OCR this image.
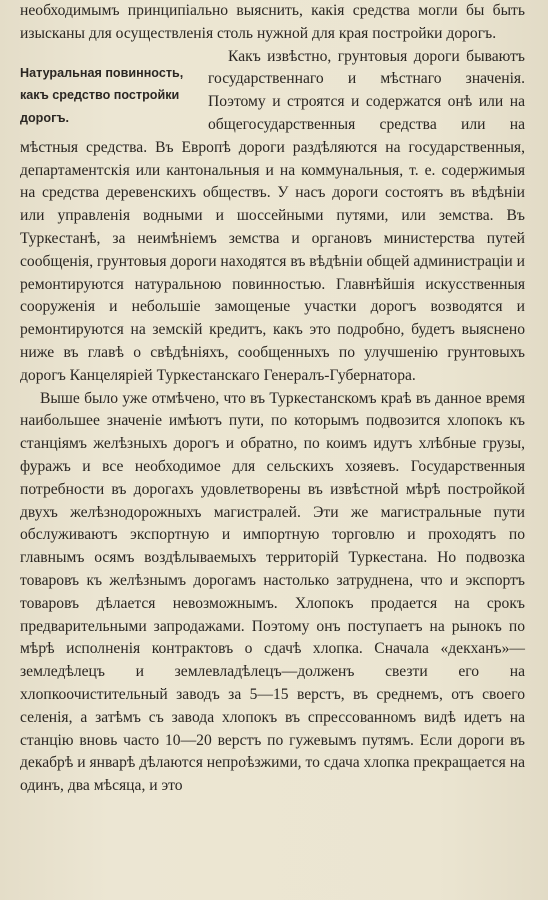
необходимымъ принципіально выяснить, какія средства могли бы быть изысканы для осуществленія столь нужной для края постройки дорогъ.

Натуральная повинность, какъ средство постройки дорогъ.

Какъ извѣстно, грунтовыя дороги бываютъ государственнаго и мѣстнаго значенія. Поэтому и строятся и содержатся онѣ или на общегосударственныя средства или на мѣстныя средства. Въ Европѣ дороги раздѣляются на государственныя, департаментскія или кантональныя и на коммунальныя, т. е. содержимыя на средства деревенскихъ обществъ. У насъ дороги состоятъ въ вѣдѣніи или управленія водными и шоссейными путями, или земства. Въ Туркестанѣ, за неимѣніемъ земства и органовъ министерства путей сообщенія, грунтовыя дороги находятся въ вѣдѣніи общей администраціи и ремонтируются натуральною повинностью. Главнѣйшія искусственныя сооруженія и небольшіе замощеные участки дорогъ возводятся и ремонтируются на земскій кредитъ, какъ это подробно, будетъ выяснено ниже въ главѣ о свѣдѣніяхъ, сообщенныхъ по улучшенію грунтовыхъ дорогъ Канцеляріей Туркестанскаго Генералъ-Губернатора.

Выше было уже отмѣчено, что въ Туркестанскомъ краѣ въ данное время наибольшее значеніе имѣютъ пути, по которымъ подвозится хлопокъ къ станціямъ желѣзныхъ дорогъ и обратно, по коимъ идутъ хлѣбные грузы, фуражъ и все необходимое для сельскихъ хозяевъ. Государственныя потребности въ дорогахъ удовлетворены въ извѣстной мѣрѣ постройкой двухъ желѣзнодорожныхъ магистралей. Эти же магистральные пути обслуживаютъ экспортную и импортную торговлю и проходятъ по главнымъ осямъ воздѣлываемыхъ территорій Туркестана. Но подвозка товаровъ къ желѣзнымъ дорогамъ настолько затруднена, что и экспортъ товаровъ дѣлается невозможнымъ. Хлопокъ продается на срокъ предварительными запродажами. Поэтому онъ поступаетъ на рынокъ по мѣрѣ исполненія контрактовъ о сдачѣ хлопка. Сначала «декханъ»—земледѣлецъ и землевладѣлецъ—долженъ свезти его на хлопкоочистительный заводъ за 5—15 верстъ, въ среднемъ, отъ своего селенія, а затѣмъ съ завода хлопокъ въ спрессованномъ видѣ идетъ на станцію вновь часто 10—20 верстъ по гужевымъ путямъ. Если дороги въ декабрѣ и январѣ дѣлаются непроѣзжими, то сдача хлопка прекращается на одинъ, два мѣсяца, и это
